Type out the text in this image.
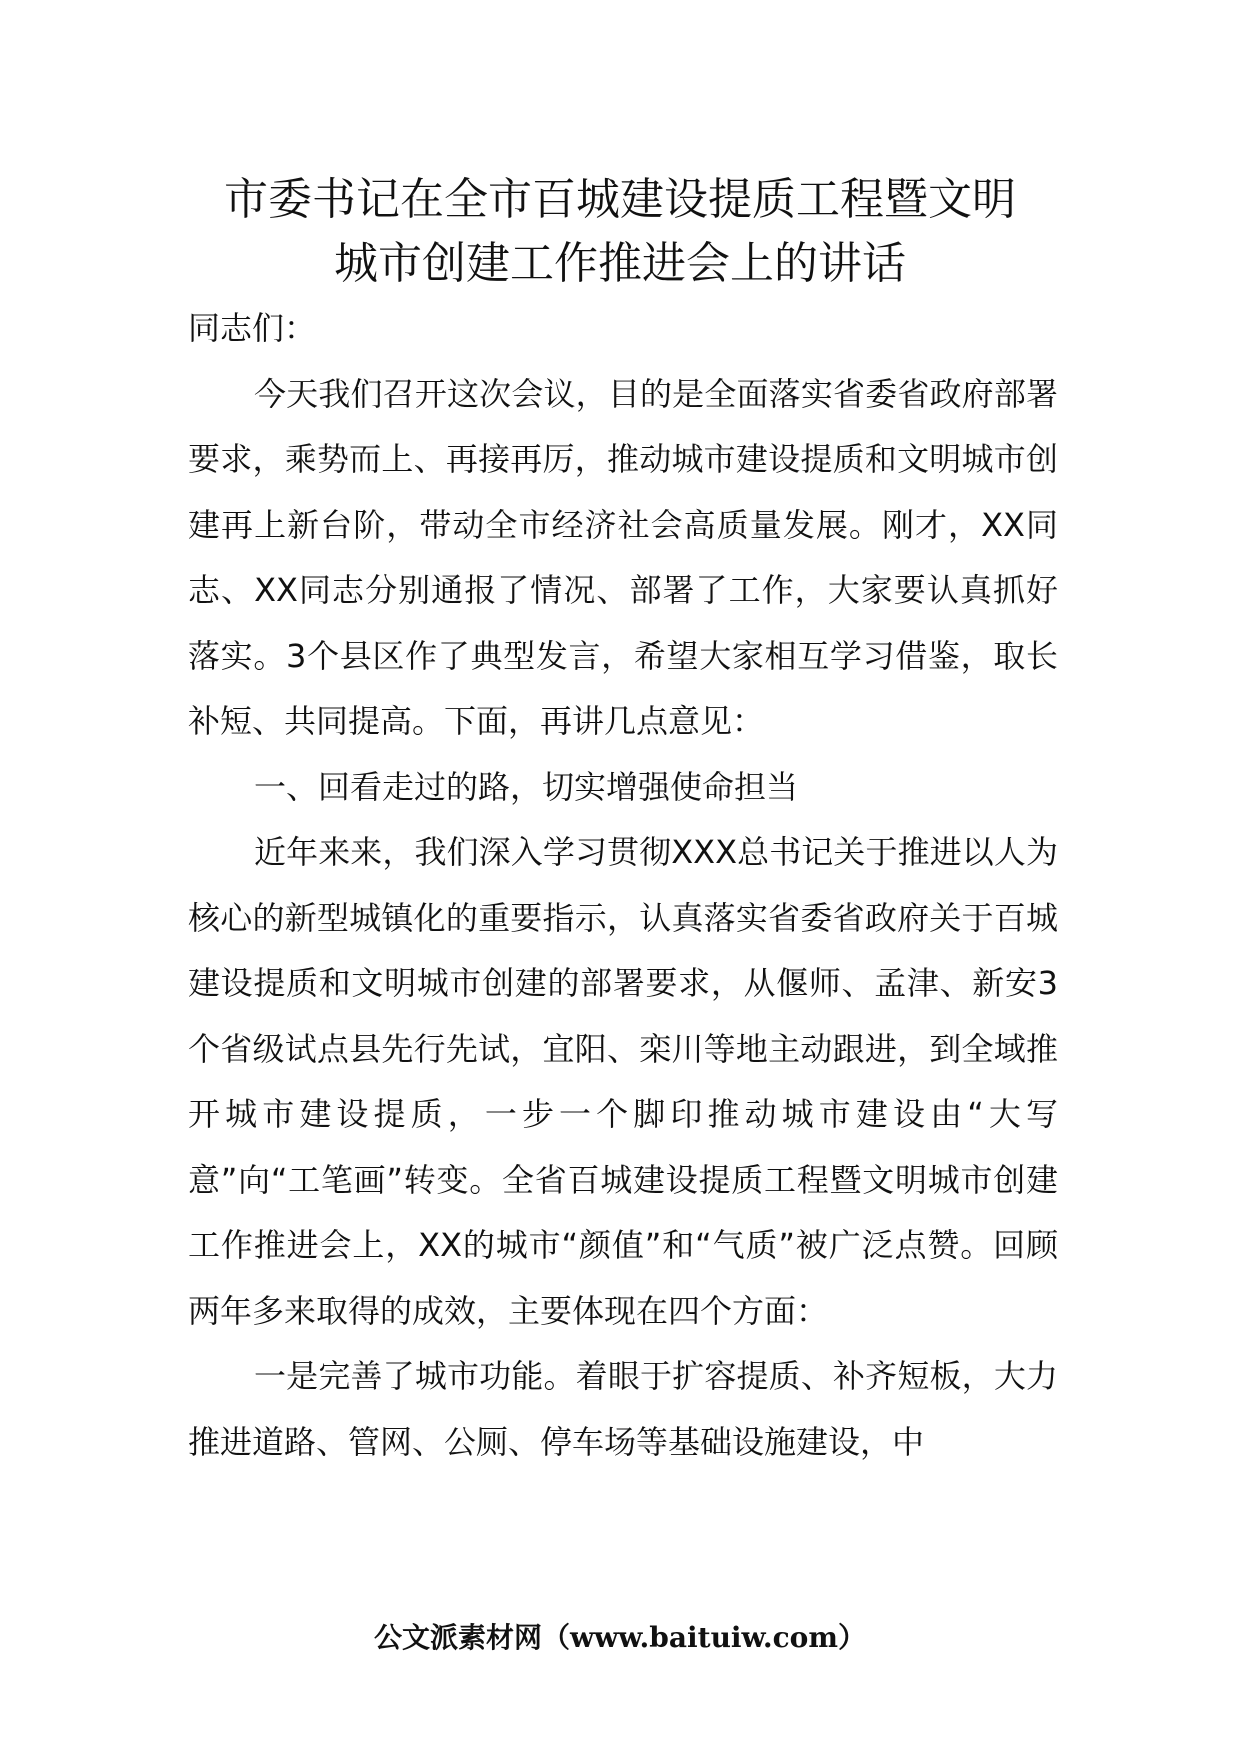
市委书记在全市百城建设提质工程暨文明
城市创建工作推进会上的讲话

同志们：

今天我们召开这次会议，目的是全面落实省委省政府部署要求，乘势而上、再接再厉，推动城市建设提质和文明城市创建再上新台阶，带动全市经济社会高质量发展。刚才，XX同志、XX同志分别通报了情况、部署了工作，大家要认真抓好落实。3个县区作了典型发言，希望大家相互学习借鉴，取长补短、共同提高。下面，再讲几点意见：

一、回看走过的路，切实增强使命担当

近年来来，我们深入学习贯彻XXX总书记关于推进以人为核心的新型城镇化的重要指示，认真落实省委省政府关于百城建设提质和文明城市创建的部署要求，从偃师、孟津、新安3个省级试点县先行先试，宜阳、栾川等地主动跟进，到全域推开城市建设提质，一步一个脚印推动城市建设由“大写意”向“工笔画”转变。全省百城建设提质工程暨文明城市创建工作推进会上，XX的城市“颜值”和“气质”被广泛点赞。回顾两年多来取得的成效，主要体现在四个方面：

一是完善了城市功能。着眼于扩容提质、补齐短板，大力推进道路、管网、公厕、停车场等基础设施建设，中

公文派素材网（www.baituiw.com）
